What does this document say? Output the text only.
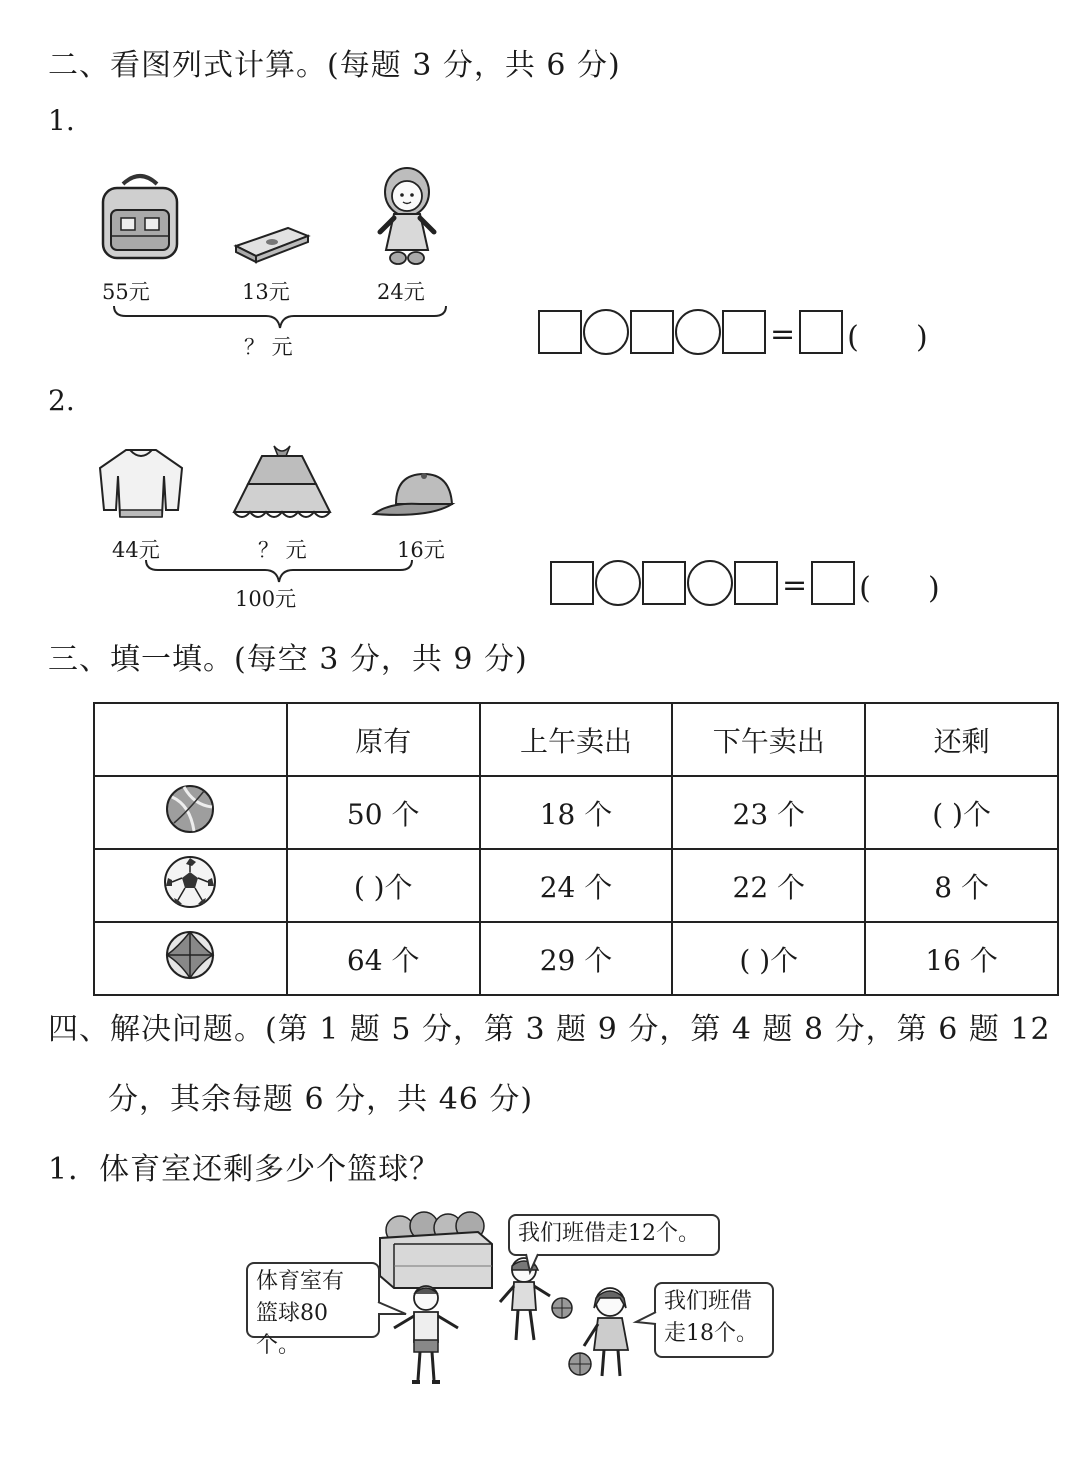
二、看图列式计算。(每题 3 分，共 6 分)
1.
55元	13元	24元
？ 元	= (      )
2.
44元	？ 元	16元
100元	= (      )
三、填一填。(每空 3 分，共 9 分)
	原有	上午卖出	下午卖出	还剩
	50 个	18 个	23 个	( )个
	( )个	24 个	22 个	8 个
	64 个	29 个	( )个	16 个
四、解决问题。(第 1 题 5 分，第 3 题 9 分，第 4 题 8 分，第 6 题 12
分，其余每题 6 分，共 46 分)
1．体育室还剩多少个篮球？
体育室有
篮球80个。
我们班借走12个。
我们班借
走18个。
